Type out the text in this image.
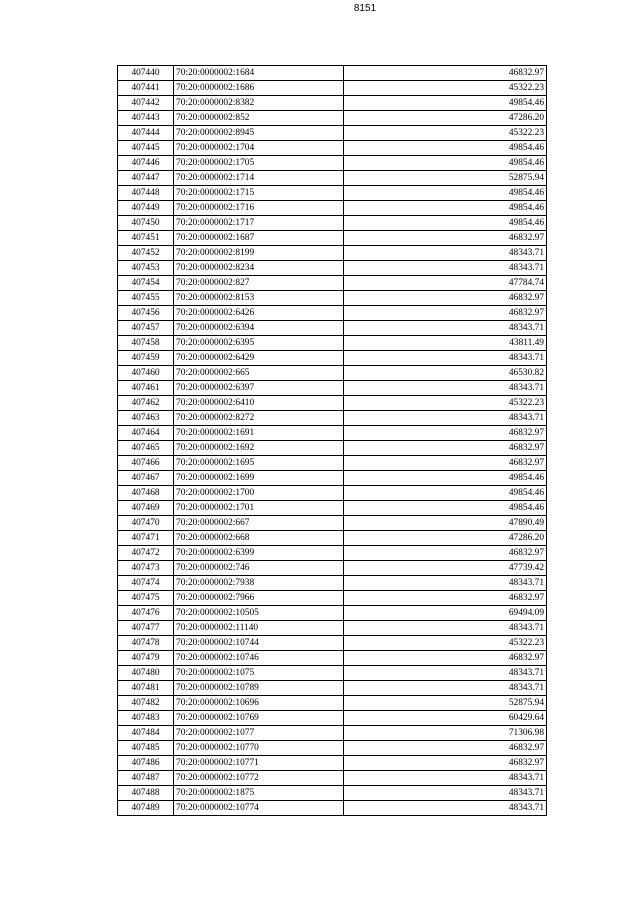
8151
407440	70:20:0000002:1684	46832.97
407441	70:20:0000002:1686	45322.23
407442	70:20:0000002:8382	49854.46
407443	70:20:0000002:852	47286.20
407444	70:20:0000002:8945	45322.23
407445	70:20:0000002:1704	49854.46
407446	70:20:0000002:1705	49854.46
407447	70:20:0000002:1714	52875.94
407448	70:20:0000002:1715	49854.46
407449	70:20:0000002:1716	49854.46
407450	70:20:0000002:1717	49854.46
407451	70:20:0000002:1687	46832.97
407452	70:20:0000002:8199	48343.71
407453	70:20:0000002:8234	48343.71
407454	70:20:0000002:827	47784.74
407455	70:20:0000002:8153	46832.97
407456	70:20:0000002:6426	46832.97
407457	70:20:0000002:6394	48343.71
407458	70:20:0000002:6395	43811.49
407459	70:20:0000002:6429	48343.71
407460	70:20:0000002:665	46530.82
407461	70:20:0000002:6397	48343.71
407462	70:20:0000002:6410	45322.23
407463	70:20:0000002:8272	48343.71
407464	70:20:0000002:1691	46832.97
407465	70:20:0000002:1692	46832.97
407466	70:20:0000002:1695	46832.97
407467	70:20:0000002:1699	49854.46
407468	70:20:0000002:1700	49854.46
407469	70:20:0000002:1701	49854.46
407470	70:20:0000002:667	47890.49
407471	70:20:0000002:668	47286.20
407472	70:20:0000002:6399	46832.97
407473	70:20:0000002:746	47739.42
407474	70:20:0000002:7938	48343.71
407475	70:20:0000002:7966	46832.97
407476	70:20:0000002:10505	69494.09
407477	70:20:0000002:11140	48343.71
407478	70:20:0000002:10744	45322.23
407479	70:20:0000002:10746	46832.97
407480	70:20:0000002:1075	48343.71
407481	70:20:0000002:10789	48343.71
407482	70:20:0000002:10696	52875.94
407483	70:20:0000002:10769	60429.64
407484	70:20:0000002:1077	71306.98
407485	70:20:0000002:10770	46832.97
407486	70:20:0000002:10771	46832.97
407487	70:20:0000002:10772	48343.71
407488	70:20:0000002:1875	48343.71
407489	70:20:0000002:10774	48343.71
